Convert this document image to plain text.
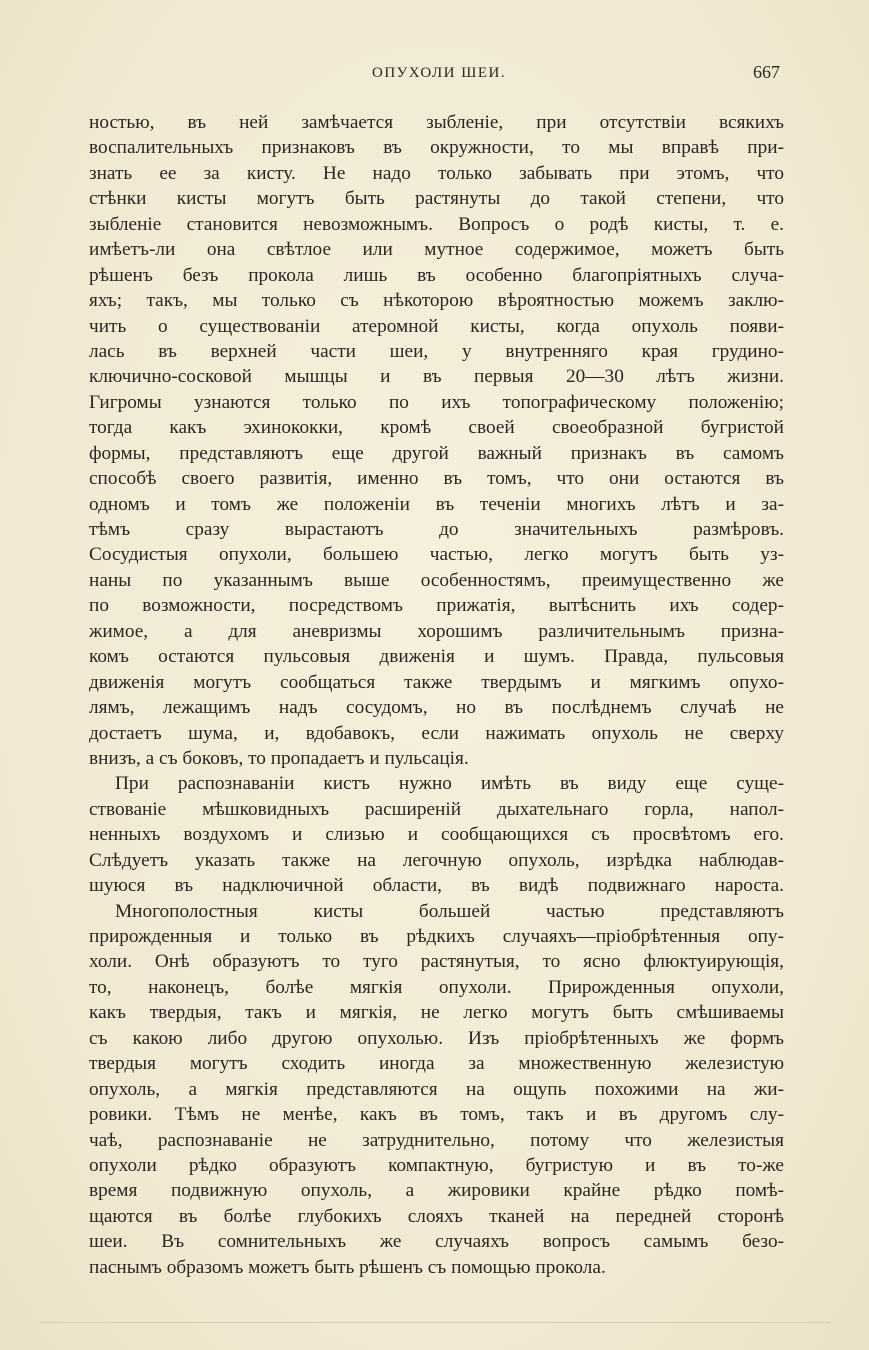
ОПУХОЛИ ШЕИ.	667
ностью, въ ней замѣчается зыбленіе, при отсутствіи всякихъ
воспалительныхъ признаковъ въ окружности, то мы вправѣ при-
знать ее за кисту. Не надо только забывать при этомъ, что
стѣнки кисты могутъ быть растянуты до такой степени, что
зыбленіе становится невозможнымъ. Вопросъ о родѣ кисты, т. е.
имѣетъ-ли она свѣтлое или мутное содержимое, можетъ быть
рѣшенъ безъ прокола лишь въ особенно благопріятныхъ случа-
яхъ; такъ, мы только съ нѣкоторою вѣроятностью можемъ заклю-
чить о существованіи атеромной кисты, когда опухоль появи-
лась въ верхней части шеи, у внутренняго края грудино-
ключично-сосковой мышцы и въ первыя 20—30 лѣтъ жизни.
Гигромы узнаются только по ихъ топографическому положенію;
тогда какъ эхинококки, кромѣ своей своеобразной бугристой
формы, представляютъ еще другой важный признакъ въ самомъ
способѣ своего развитія, именно въ томъ, что они остаются въ
одномъ и томъ же положеніи въ теченіи многихъ лѣтъ и за-
тѣмъ сразу вырастаютъ до значительныхъ размѣровъ.
Сосудистыя опухоли, большею частью, легко могутъ быть уз-
наны по указаннымъ выше особенностямъ, преимущественно же
по возможности, посредствомъ прижатія, вытѣснить ихъ содер-
жимое, а для аневризмы хорошимъ различительнымъ призна-
комъ остаются пульсовыя движенія и шумъ. Правда, пульсовыя
движенія могутъ сообщаться также твердымъ и мягкимъ опухо-
лямъ, лежащимъ надъ сосудомъ, но въ послѣднемъ случаѣ не
достаетъ шума, и, вдобавокъ, если нажимать опухоль не сверху
внизъ, а съ боковъ, то пропадаетъ и пульсація.
При распознаваніи кистъ нужно имѣть въ виду еще суще-
ствованіе мѣшковидныхъ расширеній дыхательнаго горла, напол-
ненныхъ воздухомъ и слизью и сообщающихся съ просвѣтомъ его.
Слѣдуетъ указать также на легочную опухоль, изрѣдка наблюдав-
шуюся въ надключичной области, въ видѣ подвижнаго нароста.
Многополостныя кисты большей частью представляютъ
прирожденныя и только въ рѣдкихъ случаяхъ—пріобрѣтенныя опу-
холи. Онѣ образуютъ то туго растянутыя, то ясно флюктуирующія,
то, наконецъ, болѣе мягкія опухоли. Прирожденныя опухоли,
какъ твердыя, такъ и мягкія, не легко могутъ быть смѣшиваемы
съ какою либо другою опухолью. Изъ пріобрѣтенныхъ же формъ
твердыя могутъ сходить иногда за множественную железистую
опухоль, а мягкія представляются на ощупь похожими на жи-
ровики. Тѣмъ не менѣе, какъ въ томъ, такъ и въ другомъ слу-
чаѣ, распознаваніе не затруднительно, потому что железистыя
опухоли рѣдко образуютъ компактную, бугристую и въ то-же
время подвижную опухоль, а жировики крайне рѣдко помѣ-
щаются въ болѣе глубокихъ слояхъ тканей на передней сторонѣ
шеи. Въ сомнительныхъ же случаяхъ вопросъ самымъ безо-
паснымъ образомъ можетъ быть рѣшенъ съ помощью прокола.
